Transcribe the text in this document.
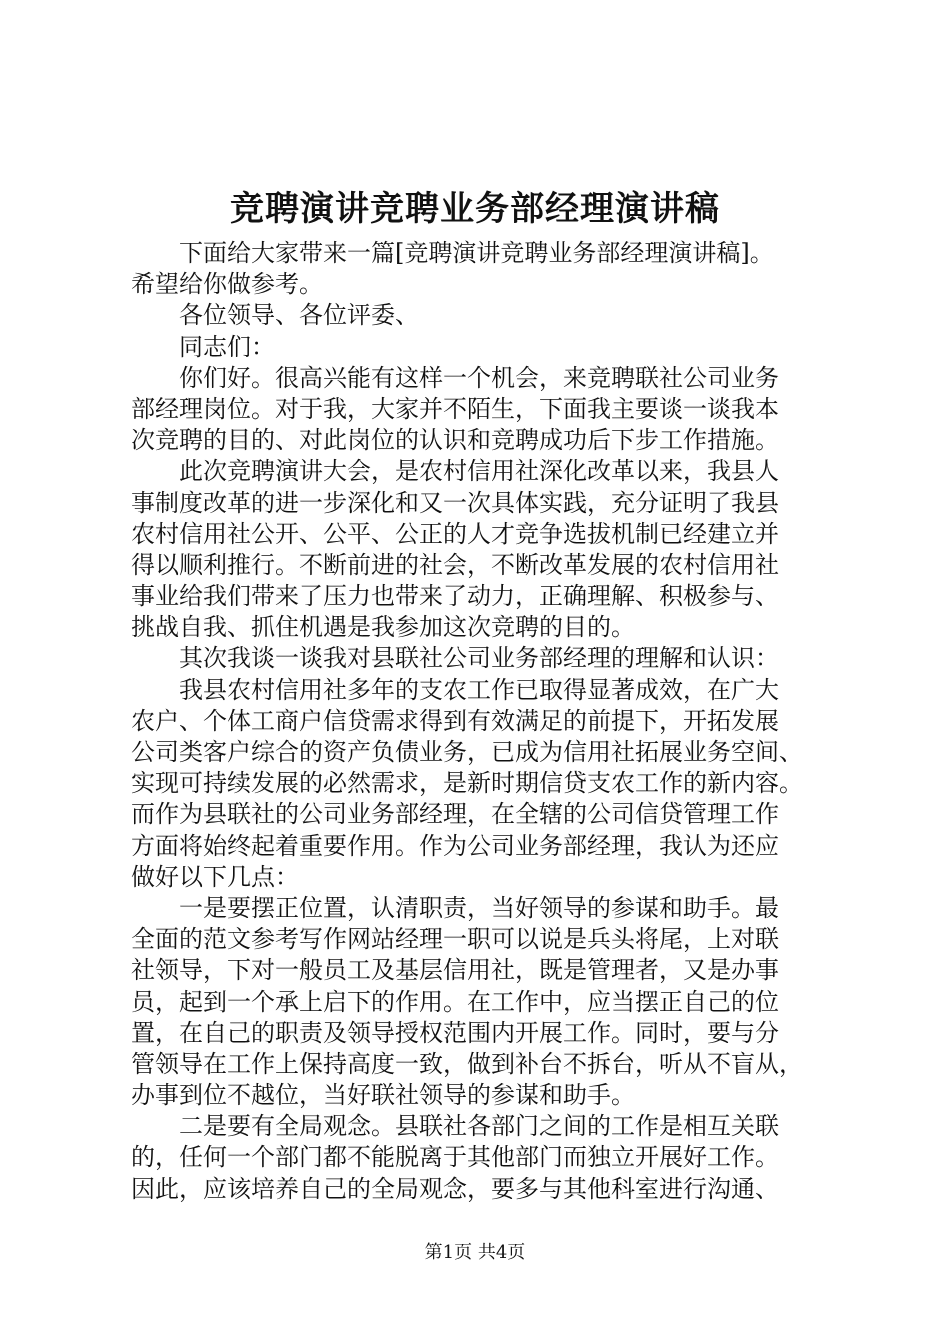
竞聘演讲竞聘业务部经理演讲稿
下面给大家带来一篇[竞聘演讲竞聘业务部经理演讲稿]。
希望给你做参考。
各位领导、各位评委、
同志们：
你们好。很高兴能有这样一个机会，来竞聘联社公司业务
部经理岗位。对于我，大家并不陌生，下面我主要谈一谈我本
次竞聘的目的、对此岗位的认识和竞聘成功后下步工作措施。
此次竞聘演讲大会，是农村信用社深化改革以来，我县人
事制度改革的进一步深化和又一次具体实践，充分证明了我县
农村信用社公开、公平、公正的人才竞争选拔机制已经建立并
得以顺利推行。不断前进的社会，不断改革发展的农村信用社
事业给我们带来了压力也带来了动力，正确理解、积极参与、
挑战自我、抓住机遇是我参加这次竞聘的目的。
其次我谈一谈我对县联社公司业务部经理的理解和认识：
我县农村信用社多年的支农工作已取得显著成效，在广大
农户、个体工商户信贷需求得到有效满足的前提下，开拓发展
公司类客户综合的资产负债业务，已成为信用社拓展业务空间、
实现可持续发展的必然需求，是新时期信贷支农工作的新内容。
而作为县联社的公司业务部经理，在全辖的公司信贷管理工作
方面将始终起着重要作用。作为公司业务部经理，我认为还应
做好以下几点：
一是要摆正位置，认清职责，当好领导的参谋和助手。最
全面的范文参考写作网站经理一职可以说是兵头将尾，上对联
社领导，下对一般员工及基层信用社，既是管理者，又是办事
员，起到一个承上启下的作用。在工作中，应当摆正自己的位
置，在自己的职责及领导授权范围内开展工作。同时，要与分
管领导在工作上保持高度一致，做到补台不拆台，听从不盲从，
办事到位不越位，当好联社领导的参谋和助手。
二是要有全局观念。县联社各部门之间的工作是相互关联
的，任何一个部门都不能脱离于其他部门而独立开展好工作。
因此，应该培养自己的全局观念，要多与其他科室进行沟通、
第1页 共4页
